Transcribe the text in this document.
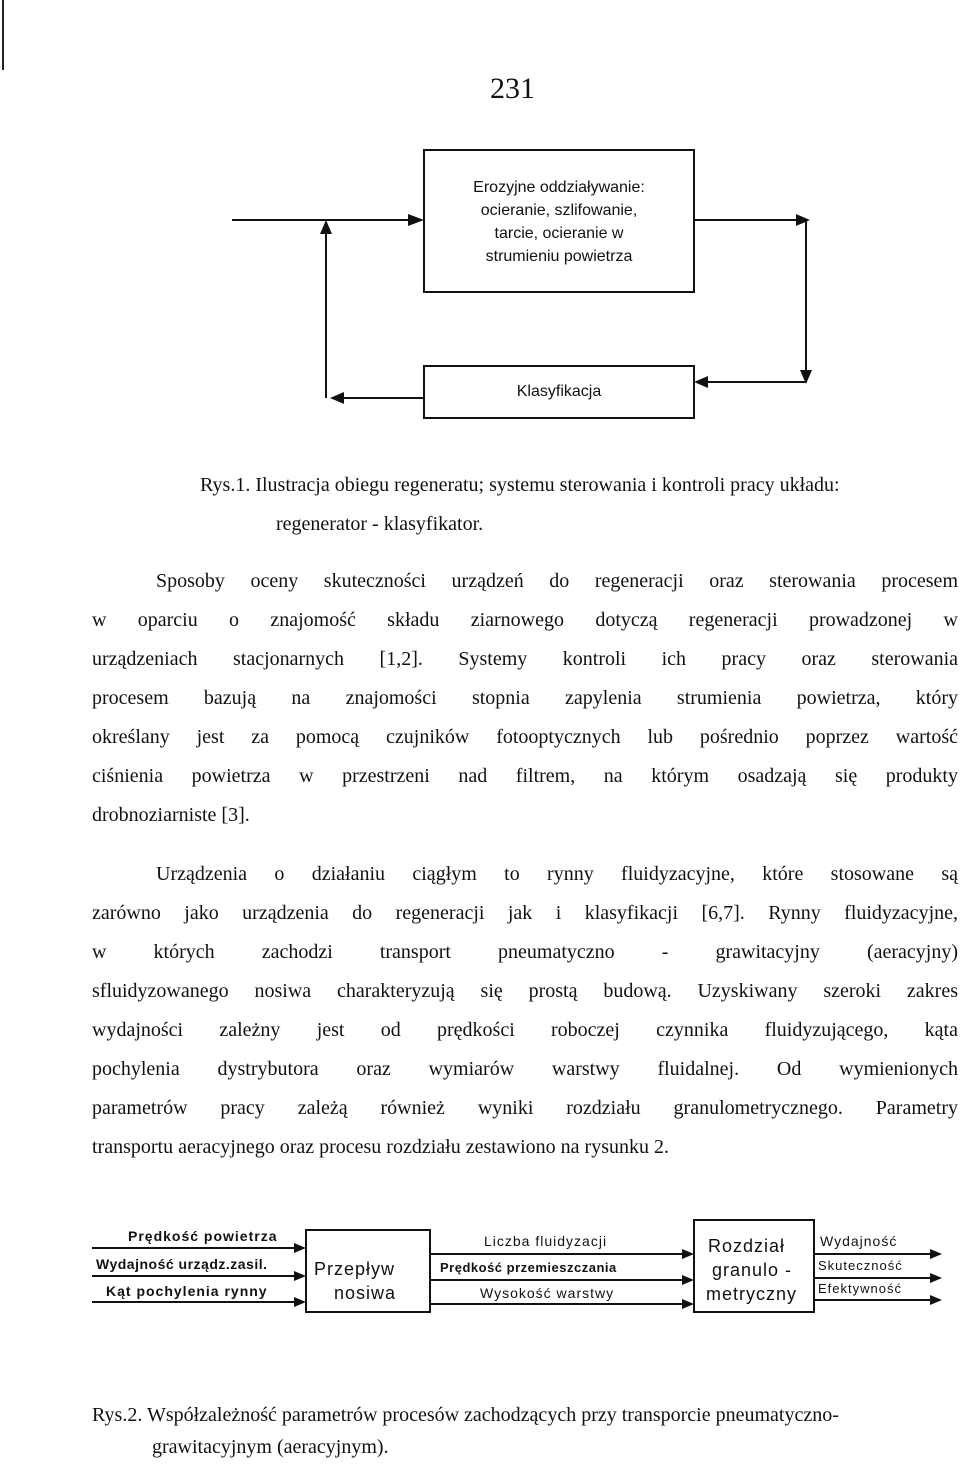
231
Erozyjne oddziaływanie:
ocieranie, szlifowanie,
tarcie, ocieranie w
strumieniu powietrza
Klasyfikacja
Rys.1. Ilustracja obiegu regeneratu; systemu sterowania i kontroli pracy układu:
regenerator - klasyfikator.
Sposoby oceny skuteczności urządzeń do regeneracji oraz sterowania procesem
w oparciu o znajomość składu ziarnowego dotyczą regeneracji prowadzonej w
urządzeniach stacjonarnych [1,2]. Systemy kontroli ich pracy oraz sterowania
procesem bazują na znajomości stopnia zapylenia strumienia powietrza, który
określany jest za pomocą czujników fotooptycznych lub pośrednio poprzez wartość
ciśnienia powietrza w przestrzeni nad filtrem, na którym osadzają się produkty
drobnoziarniste [3].
Urządzenia o działaniu ciągłym to rynny fluidyzacyjne, które stosowane są
zarówno jako urządzenia do regeneracji jak i klasyfikacji [6,7]. Rynny fluidyzacyjne,
w których zachodzi transport pneumatyczno - grawitacyjny (aeracyjny)
sfluidyzowanego nosiwa charakteryzują się prostą budową. Uzyskiwany szeroki zakres
wydajności zależny jest od prędkości roboczej czynnika fluidyzującego, kąta
pochylenia dystrybutora oraz wymiarów warstwy fluidalnej. Od wymienionych
parametrów pracy zależą również wyniki rozdziału granulometrycznego. Parametry
transportu aeracyjnego oraz procesu rozdziału zestawiono na rysunku 2.
Prędkość powietrza
Wydajność urządz.zasil.
Kąt pochylenia rynny
Przepływ
nosiwa
Liczba fluidyzacji
Prędkość przemieszczania
Wysokość warstwy
Rozdział
granulo -
metryczny
Wydajność
Skuteczność
Efektywność
Rys.2. Współzależność parametrów procesów zachodzących przy transporcie pneumatyczno-
grawitacyjnym (aeracyjnym).
